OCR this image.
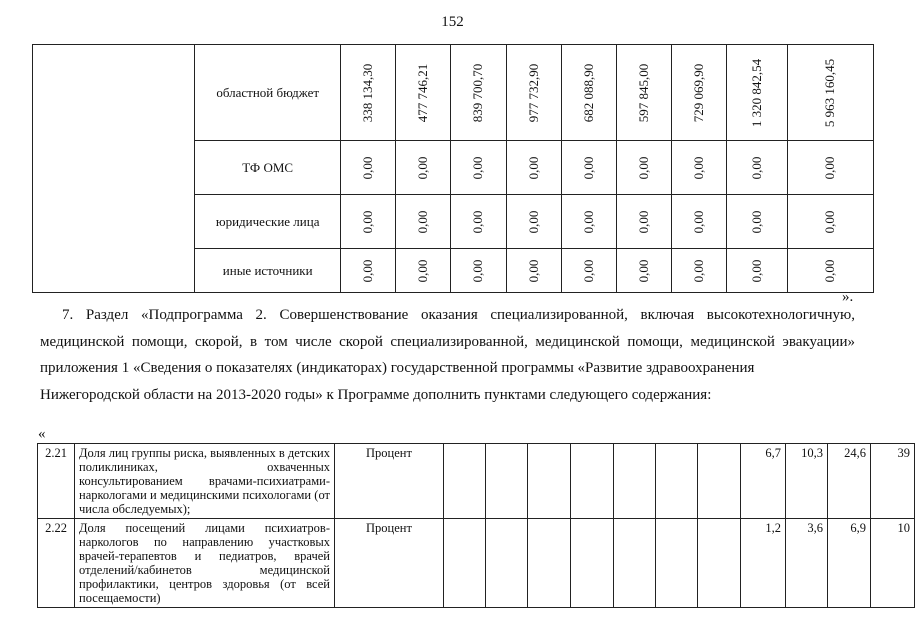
152
	областной бюджет	338 134,30	477 746,21	839 700,70	977 732,90	682 088,90	597 845,00	729 069,90	1 320 842,54	5 963 160,45

	ТФ ОМС	0,00	0,00	0,00	0,00	0,00	0,00	0,00	0,00	0,00

	юридические лица	0,00	0,00	0,00	0,00	0,00	0,00	0,00	0,00	0,00

	иные источники	0,00	0,00	0,00	0,00	0,00	0,00	0,00	0,00	0,00
».
7. Раздел «Подпрограмма 2. Совершенствование оказания специализированной, включая высокотехнологичную,
медицинской помощи, скорой, в том числе скорой специализированной, медицинской помощи, медицинской эвакуации» приложения 1 «Сведения о показателях (индикаторах) государственной программы «Развитие здравоохранения
Нижегородской области на 2013-2020 годы» к Программе дополнить пунктами следующего содержания:
«
2.21	Доля лиц группы риска, выявленных в детских поликлиниках, охваченных консультированием врачами-психиатрами-наркологами и медицинскими психологами (от числа обследуемых);	Процент								6,7	10,3	24,6	39
2.22	Доля посещений лицами психиатров-наркологов по направлению участковых врачей-терапевтов и педиатров, врачей отделений/кабинетов медицинской профилактики, центров здоровья (от всей посещаемости)	Процент								1,2	3,6	6,9	10
